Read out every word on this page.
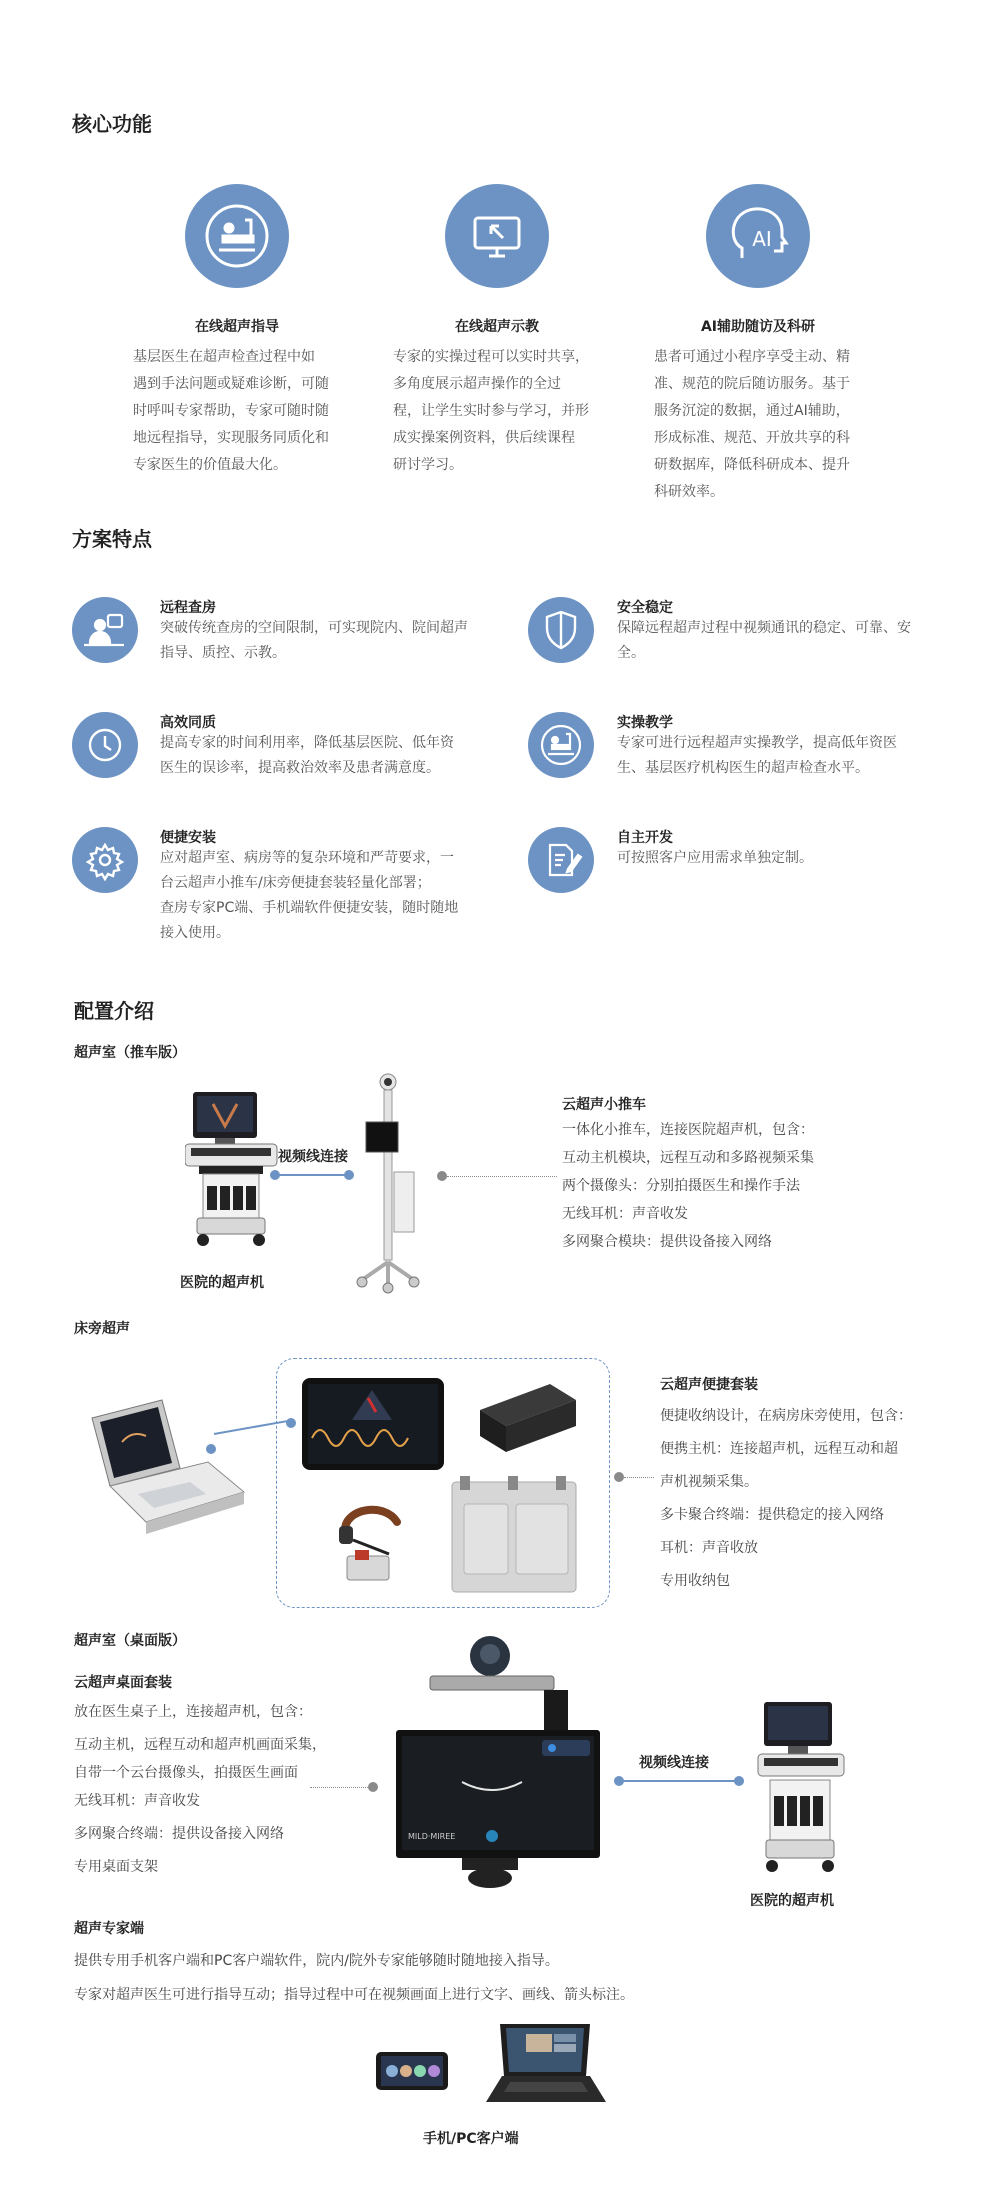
核心功能
AI
在线超声指导	在线超声示教	AI辅助随访及科研
基层医生在超声检查过程中如
遇到手法问题或疑难诊断，可随
时呼叫专家帮助，专家可随时随
地远程指导，实现服务同质化和
专家医生的价值最大化。
专家的实操过程可以实时共享，
多角度展示超声操作的全过
程，让学生实时参与学习，并形
成实操案例资料，供后续课程
研讨学习。
患者可通过小程序享受主动、精
准、规范的院后随访服务。基于
服务沉淀的数据，通过AI辅助，
形成标准、规范、开放共享的科
研数据库，降低科研成本、提升
科研效率。
方案特点
远程查房
突破传统查房的空间限制，可实现院内、院间超声
指导、质控、示教。
安全稳定
保障远程超声过程中视频通讯的稳定、可靠、安
全。
高效同质
提高专家的时间利用率，降低基层医院、低年资
医生的误诊率，提高救治效率及患者满意度。
实操教学
专家可进行远程超声实操教学，提高低年资医
生、基层医疗机构医生的超声检查水平。
便捷安装
应对超声室、病房等的复杂环境和严苛要求，一
台云超声小推车/床旁便捷套装轻量化部署；
查房专家PC端、手机端软件便捷安装，随时随地
接入使用。
自主开发
可按照客户应用需求单独定制。
配置介绍
超声室（推车版）
医院的超声机
视频线连接
云超声小推车
一体化小推车，连接医院超声机，包含：
互动主机模块，远程互动和多路视频采集
两个摄像头：分别拍摄医生和操作手法
无线耳机：声音收发
多网聚合模块：提供设备接入网络
床旁超声
云超声便捷套装
便捷收纳设计，在病房床旁使用，包含：
便携主机：连接超声机，远程互动和超
声机视频采集。
多卡聚合终端：提供稳定的接入网络
耳机：声音收放
专用收纳包
超声室（桌面版）
云超声桌面套装
放在医生桌子上，连接超声机，包含：
互动主机，远程互动和超声机画面采集，
自带一个云台摄像头，拍摄医生画面
无线耳机：声音收发
多网聚合终端：提供设备接入网络
专用桌面支架
MILD·MIREE
视频线连接
医院的超声机
超声专家端
提供专用手机客户端和PC客户端软件，院内/院外专家能够随时随地接入指导。
专家对超声医生可进行指导互动；指导过程中可在视频画面上进行文字、画线、箭头标注。
手机/PC客户端
